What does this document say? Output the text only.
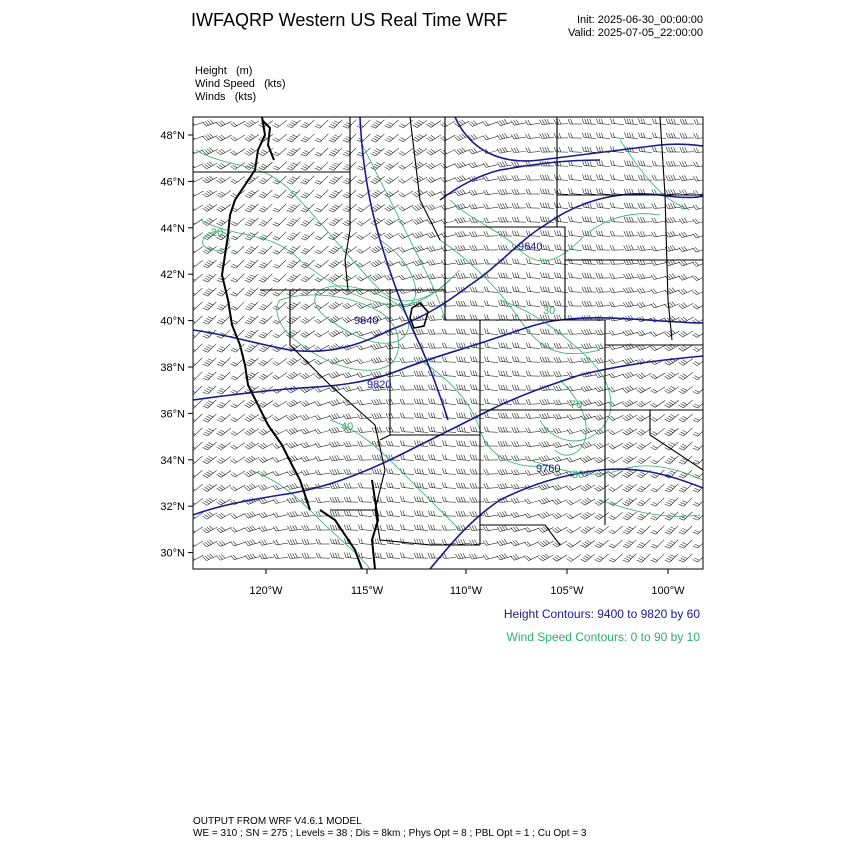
IWFAQRP Western US Real Time WRF	Init: 2025-06-30_00:00:00
Valid: 2025-07-05_22:00:00
Height (m)
Wind Speed (kts)
Winds (kts)
48°N
46°N
44°N
42°N
40°N
38°N
36°N
34°N
32°N
30°N
120°W	115°W	110°W	105°W	100°W
9840
9820
9640
9760
20
40
30
70
30
Height Contours: 9400 to 9820 by 60
Wind Speed Contours: 0 to 90 by 10
OUTPUT FROM WRF V4.6.1 MODEL
WE = 310 ; SN = 275 ; Levels = 38 ; Dis = 8km ; Phys Opt = 8 ; PBL Opt = 1 ; Cu Opt = 3
